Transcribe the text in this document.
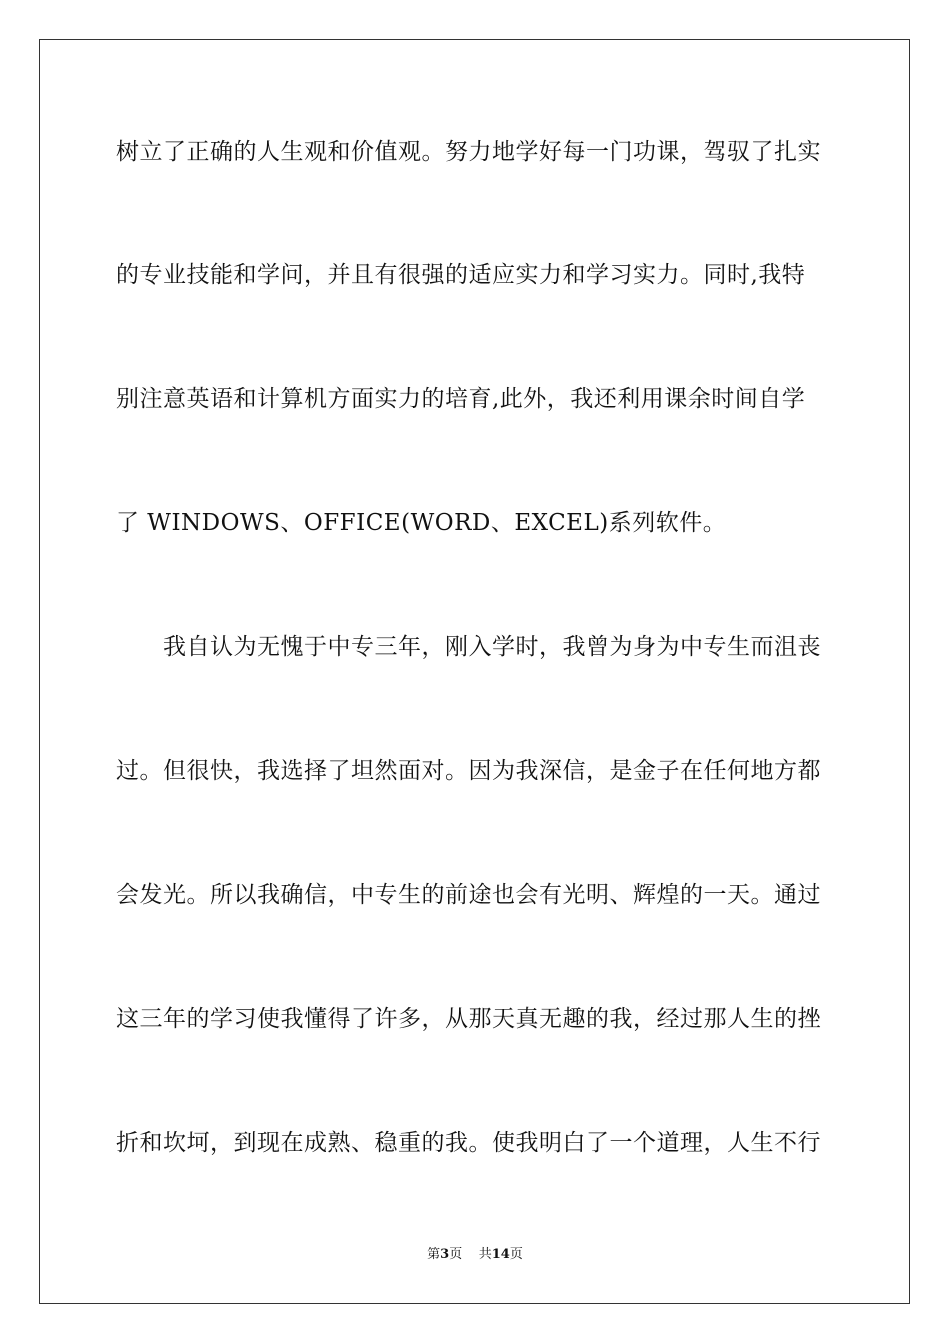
树立了正确的人生观和价值观。努力地学好每一门功课，驾驭了扎实
的专业技能和学问，并且有很强的适应实力和学习实力。同时,我特
别注意英语和计算机方面实力的培育,此外，我还利用课余时间自学
了 WINDOWS、OFFICE(WORD、EXCEL)系列软件。
我自认为无愧于中专三年，刚入学时，我曾为身为中专生而沮丧
过。但很快，我选择了坦然面对。因为我深信，是金子在任何地方都
会发光。所以我确信，中专生的前途也会有光明、辉煌的一天。通过
这三年的学习使我懂得了许多，从那天真无趣的我，经过那人生的挫
折和坎坷，到现在成熟、稳重的我。使我明白了一个道理，人生不行
第3页 共14页
